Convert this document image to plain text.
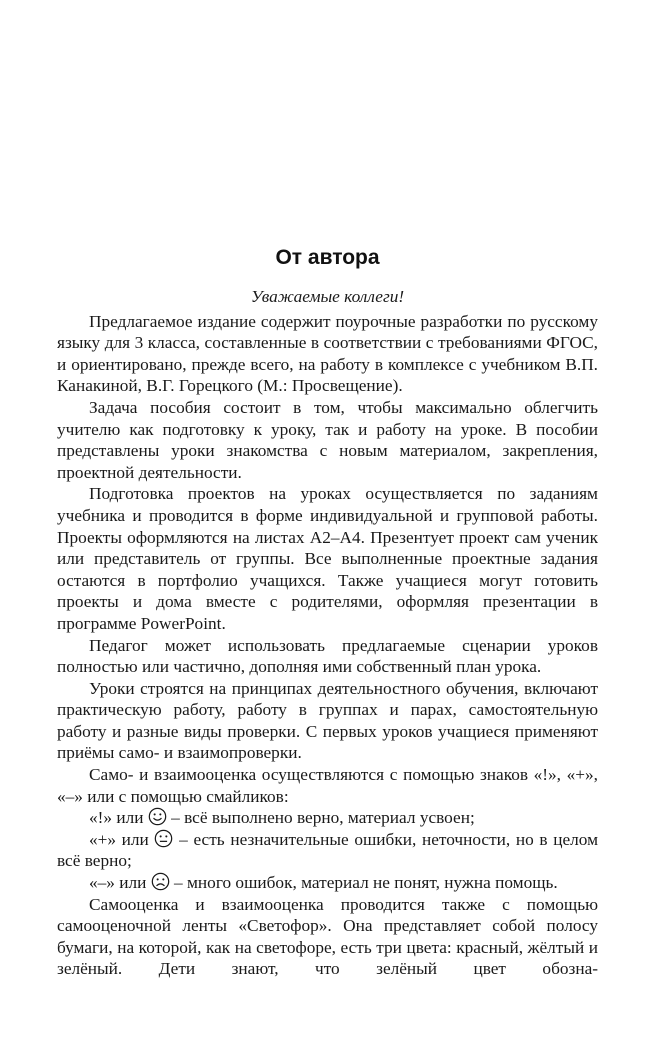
От автора
Уважаемые коллеги!

Предлагаемое издание содержит поурочные разработки по русскому языку для 3 класса, составленные в соответствии с требованиями ФГОС, и ориентировано, прежде всего, на работу в комплексе с учебником В.П. Канакиной, В.Г. Горецкого (М.: Просвещение).

Задача пособия состоит в том, чтобы максимально облегчить учителю как подготовку к уроку, так и работу на уроке. В пособии представлены уроки знакомства с новым материалом, закрепления, проектной деятельности.

Подготовка проектов на уроках осуществляется по заданиям учебника и проводится в форме индивидуальной и групповой работы. Проекты оформляются на листах А2–А4. Презентует проект сам ученик или представитель от группы. Все выполненные проектные задания остаются в портфолио учащихся. Также учащиеся могут готовить проекты и дома вместе с родителями, оформляя презентации в программе PowerPoint.

Педагог может использовать предлагаемые сценарии уроков полностью или частично, дополняя ими собственный план урока.

Уроки строятся на принципах деятельностного обучения, включают практическую работу, работу в группах и парах, самостоятельную работу и разные виды проверки. С первых уроков учащиеся применяют приёмы само- и взаимопроверки.

Само- и взаимооценка осуществляются с помощью знаков «!», «+», «–» или с помощью смайликов:

«!» или – всё выполнено верно, материал усвоен;

«+» или – есть незначительные ошибки, неточности, но в целом всё верно;

«–» или – много ошибок, материал не понят, нужна помощь.

Самооценка и взаимооценка проводится также с помощью самооценочной ленты «Светофор». Она представляет собой полосу бумаги, на которой, как на светофоре, есть три цвета: красный, жёлтый и зелёный. Дети знают, что зелёный цвет обозна-
